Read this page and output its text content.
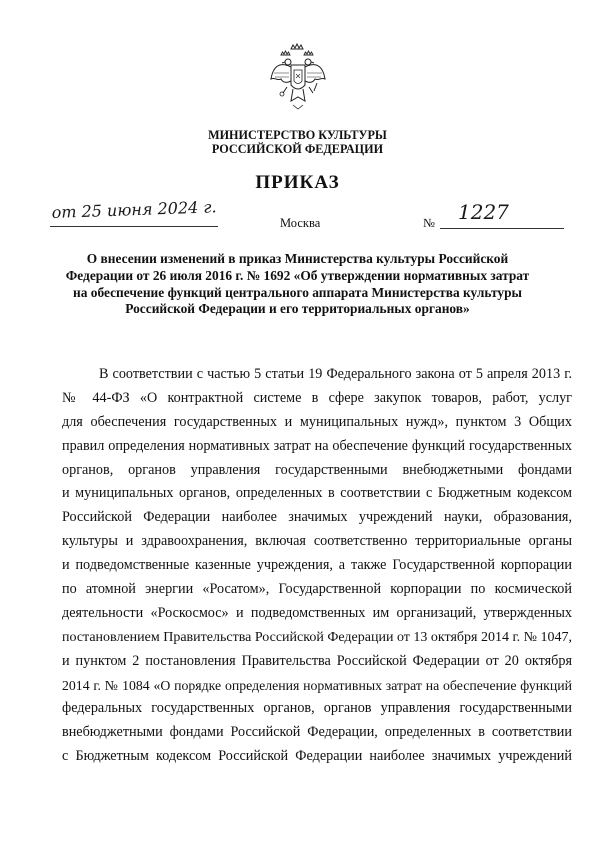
МИНИСТЕРСТВО КУЛЬТУРЫ
РОССИЙСКОЙ ФЕДЕРАЦИИ
ПРИКАЗ
от 25 июня 2024 г.
Москва	№ 1227
О внесении изменений в приказ Министерства культуры Российской
Федерации от 26 июля 2016 г. № 1692 «Об утверждении нормативных затрат
на обеспечение функций центрального аппарата Министерства культуры
Российской Федерации и его территориальных органов»
В соответствии с частью 5 статьи 19 Федерального закона от 5 апреля 2013 г.
№ 44-ФЗ «О контрактной системе в сфере закупок товаров, работ, услуг
для обеспечения государственных и муниципальных нужд», пунктом 3 Общих
правил определения нормативных затрат на обеспечение функций государственных
органов, органов управления государственными внебюджетными фондами
и муниципальных органов, определенных в соответствии с Бюджетным кодексом
Российской Федерации наиболее значимых учреждений науки, образования,
культуры и здравоохранения, включая соответственно территориальные органы
и подведомственные казенные учреждения, а также Государственной корпорации
по атомной энергии «Росатом», Государственной корпорации по космической
деятельности «Роскосмос» и подведомственных им организаций, утвержденных
постановлением Правительства Российской Федерации от 13 октября 2014 г. № 1047,
и пунктом 2 постановления Правительства Российской Федерации от 20 октября
2014 г. № 1084 «О порядке определения нормативных затрат на обеспечение функций
федеральных государственных органов, органов управления государственными
внебюджетными фондами Российской Федерации, определенных в соответствии
с Бюджетным кодексом Российской Федерации наиболее значимых учреждений
